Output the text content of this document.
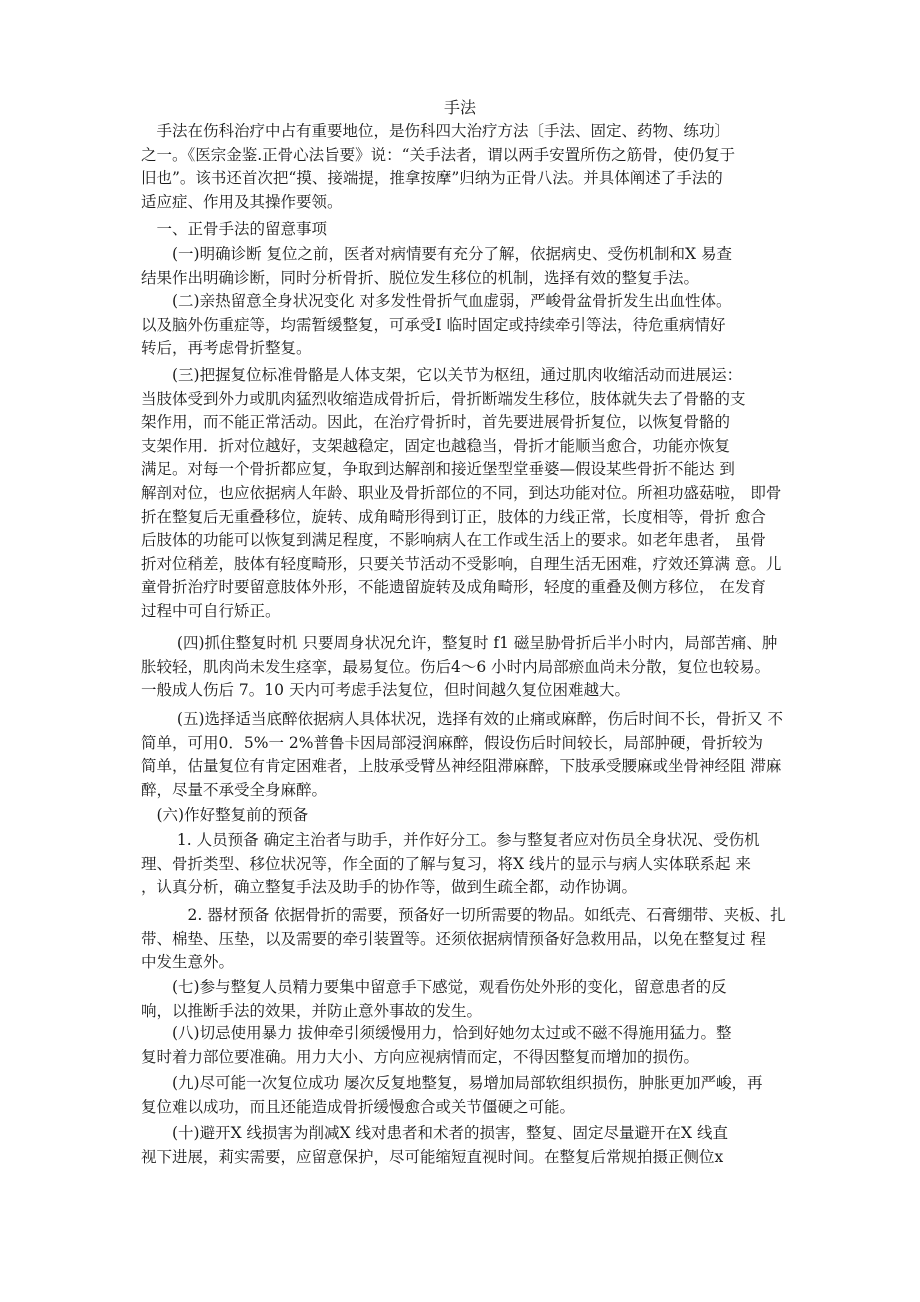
手法
　手法在伤科治疗中占有重要地位，是伤科四大治疗方法〔手法、固定、药物、练功〕
之一。《医宗金鉴.正骨心法旨要》说：“关手法者，谓以两手安置所伤之筋骨，使仍复于
旧也”。该书还首次把“摸、接端提，推拿按摩”归纳为正骨八法。并具体阐述了手法的
适应症、作用及其操作要领。
　一、正骨手法的留意事项
　　(一)明确诊断 复位之前，医者对病情要有充分了解，依据病史、受伤机制和X 易查
结果作出明确诊断，同时分析骨折、脱位发生移位的机制，选择有效的整复手法。
　　(二)亲热留意全身状况变化 对多发性骨折气血虚弱，严峻骨盆骨折发生出血性体。
以及脑外伤重症等，均需暂缓整复，可承受I 临时固定或持续牵引等法，待危重病情好
转后，再考虑骨折整复。
　　(三)把握复位标准骨骼是人体支架，它以关节为枢纽，通过肌肉收缩活动而进展运：
当肢体受到外力或肌肉猛烈收缩造成骨折后，骨折断端发生移位，肢体就失去了骨骼的支
架作用，而不能正常活动。因此，在治疗骨折时，首先要进展骨折复位，以恢复骨骼的
支架作用．折对位越好，支架越稳定，固定也越稳当，骨折才能顺当愈合，功能亦恢复
满足。对每一个骨折都应复，争取到达解剖和接近堡型堂垂婆—假设某些骨折不能达 到
解剖对位，也应依据病人年龄、职业及骨折部位的不同，到达功能对位。所袒功盛菇啦， 即骨
折在整复后无重叠移位，旋转、成角畸形得到订正，肢体的力线正常，长度相等，骨折 愈合
后肢体的功能可以恢复到满足程度，不影响病人在工作或生活上的要求。如老年患者， 虽骨
折对位稍差，肢体有轻度畸形，只要关节活动不受影响，自理生活无困难，疗效还算满 意。儿
童骨折治疗时要留意肢体外形，不能遗留旋转及成角畸形，轻度的重叠及侧方移位， 在发育
过程中可自行矫正。
　　 (四)抓住整复时机 只要周身状况允许，整复时 f1 磁呈胁骨折后半小时内，局部苦痛、肿
胀较轻，肌肉尚未发生痉挛，最易复位。伤后4～6 小时内局部瘀血尚未分散，复位也较易。
一般成人伤后 7。10 天内可考虑手法复位，但时间越久复位困难越大。
　　 (五)选择适当底醉依据病人具体状况，选择有效的止痛或麻醉，伤后时间不长，骨折又 不
简单，可用0．5%一 2%普鲁卡因局部浸润麻醉，假设伤后时间较长，局部肿硬，骨折较为
简单，估量复位有肯定困难者，上肢承受臂丛神经阻滞麻醉，下肢承受腰麻或坐骨神经阻 滞麻
醉，尽量不承受全身麻醉。
　(六)作好整复前的预备
　　 1. 人员预备 确定主治者与助手，并作好分工。参与整复者应对伤员全身状况、受伤机
理、骨折类型、移位状况等，作全面的了解与复习，将X 线片的显示与病人实体联系起 来
，认真分析，确立整复手法及助手的协作等，做到生疏全都，动作协调。
　　　2. 器材预备 依据骨折的需要，预备好一切所需要的物品。如纸壳、石膏绷带、夹板、扎
带、棉垫、压垫，以及需要的牵引装置等。还须依据病情预备好急救用品，以免在整复过 程
中发生意外。
　　(七)参与整复人员精力要集中留意手下感觉，观看伤处外形的变化，留意患者的反
响，以推断手法的效果，并防止意外事故的发生。
　　(八)切忌使用暴力 拔伸牵引须缓慢用力，恰到好她勿太过或不磁不得施用猛力。整
复时着力部位要准确。用力大小、方向应视病情而定，不得因整复而增加的损伤。
　　(九)尽可能一次复位成功 屡次反复地整复，易增加局部软组织损伤，肿胀更加严峻，再
复位难以成功，而且还能造成骨折缓慢愈合或关节僵硬之可能。
　　(十)避开X 线损害为削减X 线对患者和术者的损害，整复、固定尽量避开在X 线直
视下进展，莉实需要，应留意保护，尽可能缩短直视时间。在整复后常规拍摄正侧位x
